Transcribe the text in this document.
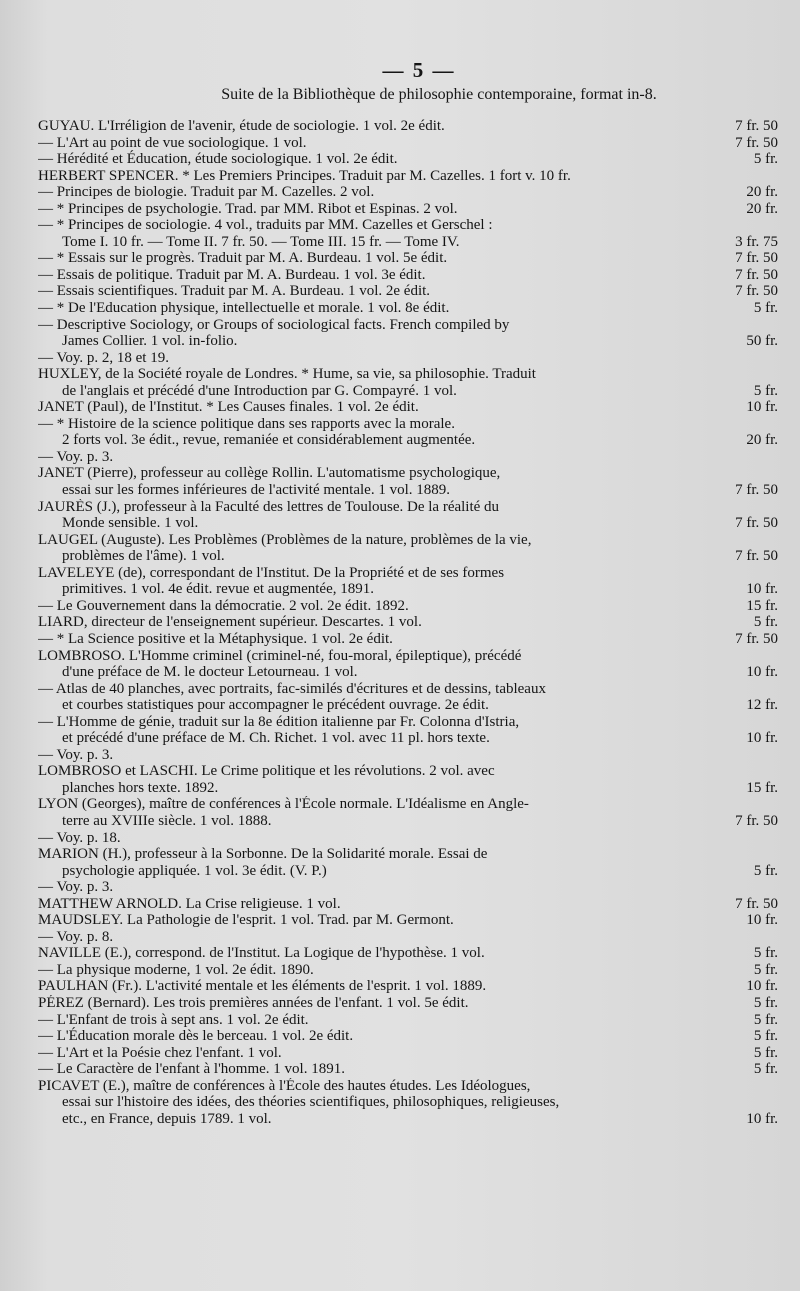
— 5 —
Suite de la Bibliothèque de philosophie contemporaine, format in-8.
GUYAU. L'Irréligion de l'avenir, étude de sociologie. 1 vol. 2e édit.	7 fr. 50
— L'Art au point de vue sociologique. 1 vol.	7 fr. 50
— Hérédité et Éducation, étude sociologique. 1 vol. 2e édit.	5 fr.
HERBERT SPENCER. * Les Premiers Principes. Traduit par M. Cazelles. 1 fort v. 10 fr.
— Principes de biologie. Traduit par M. Cazelles. 2 vol.	20 fr.
— * Principes de psychologie. Trad. par MM. Ribot et Espinas. 2 vol.	20 fr.
— * Principes de sociologie. 4 vol., traduits par MM. Cazelles et Gerschel :
Tome I. 10 fr. — Tome II. 7 fr. 50. — Tome III. 15 fr. — Tome IV.	3 fr. 75
— * Essais sur le progrès. Traduit par M. A. Burdeau. 1 vol. 5e édit.	7 fr. 50
— Essais de politique. Traduit par M. A. Burdeau. 1 vol. 3e édit.	7 fr. 50
— Essais scientifiques. Traduit par M. A. Burdeau. 1 vol. 2e édit.	7 fr. 50
— * De l'Education physique, intellectuelle et morale. 1 vol. 8e édit.	5 fr.
— Descriptive Sociology, or Groups of sociological facts. French compiled by
James Collier. 1 vol. in-folio.	50 fr.
— Voy. p. 2, 18 et 19.
HUXLEY, de la Société royale de Londres. * Hume, sa vie, sa philosophie. Traduit
de l'anglais et précédé d'une Introduction par G. Compayré. 1 vol.	5 fr.
JANET (Paul), de l'Institut. * Les Causes finales. 1 vol. 2e édit.	10 fr.
— * Histoire de la science politique dans ses rapports avec la morale.
2 forts vol. 3e édit., revue, remaniée et considérablement augmentée.	20 fr.
— Voy. p. 3.
JANET (Pierre), professeur au collège Rollin. L'automatisme psychologique,
essai sur les formes inférieures de l'activité mentale. 1 vol. 1889.	7 fr. 50
JAURÈS (J.), professeur à la Faculté des lettres de Toulouse. De la réalité du
Monde sensible. 1 vol.	7 fr. 50
LAUGEL (Auguste). Les Problèmes (Problèmes de la nature, problèmes de la vie,
problèmes de l'âme). 1 vol.	7 fr. 50
LAVELEYE (de), correspondant de l'Institut. De la Propriété et de ses formes
primitives. 1 vol. 4e édit. revue et augmentée, 1891.	10 fr.
— Le Gouvernement dans la démocratie. 2 vol. 2e édit. 1892.	15 fr.
LIARD, directeur de l'enseignement supérieur. Descartes. 1 vol.	5 fr.
— * La Science positive et la Métaphysique. 1 vol. 2e édit.	7 fr. 50
LOMBROSO. L'Homme criminel (criminel-né, fou-moral, épileptique), précédé
d'une préface de M. le docteur Letourneau. 1 vol.	10 fr.
— Atlas de 40 planches, avec portraits, fac-similés d'écritures et de dessins, tableaux
et courbes statistiques pour accompagner le précédent ouvrage. 2e édit.	12 fr.
— L'Homme de génie, traduit sur la 8e édition italienne par Fr. Colonna d'Istria,
et précédé d'une préface de M. Ch. Richet. 1 vol. avec 11 pl. hors texte.	10 fr.
— Voy. p. 3.
LOMBROSO et LASCHI. Le Crime politique et les révolutions. 2 vol. avec
planches hors texte. 1892.	15 fr.
LYON (Georges), maître de conférences à l'École normale. L'Idéalisme en Angle-
terre au XVIIIe siècle. 1 vol. 1888.	7 fr. 50
— Voy. p. 18.
MARION (H.), professeur à la Sorbonne. De la Solidarité morale. Essai de
psychologie appliquée. 1 vol. 3e édit. (V. P.)	5 fr.
— Voy. p. 3.
MATTHEW ARNOLD. La Crise religieuse. 1 vol.	7 fr. 50
MAUDSLEY. La Pathologie de l'esprit. 1 vol. Trad. par M. Germont.	10 fr.
— Voy. p. 8.
NAVILLE (E.), correspond. de l'Institut. La Logique de l'hypothèse. 1 vol.	5 fr.
— La physique moderne, 1 vol. 2e édit. 1890.	5 fr.
PAULHAN (Fr.). L'activité mentale et les éléments de l'esprit. 1 vol. 1889.	10 fr.
PÉREZ (Bernard). Les trois premières années de l'enfant. 1 vol. 5e édit.	5 fr.
— L'Enfant de trois à sept ans. 1 vol. 2e édit.	5 fr.
— L'Éducation morale dès le berceau. 1 vol. 2e édit.	5 fr.
— L'Art et la Poésie chez l'enfant. 1 vol.	5 fr.
— Le Caractère de l'enfant à l'homme. 1 vol. 1891.	5 fr.
PICAVET (E.), maître de conférences à l'École des hautes études. Les Idéologues,
essai sur l'histoire des idées, des théories scientifiques, philosophiques, religieuses,
etc., en France, depuis 1789. 1 vol.	10 fr.
